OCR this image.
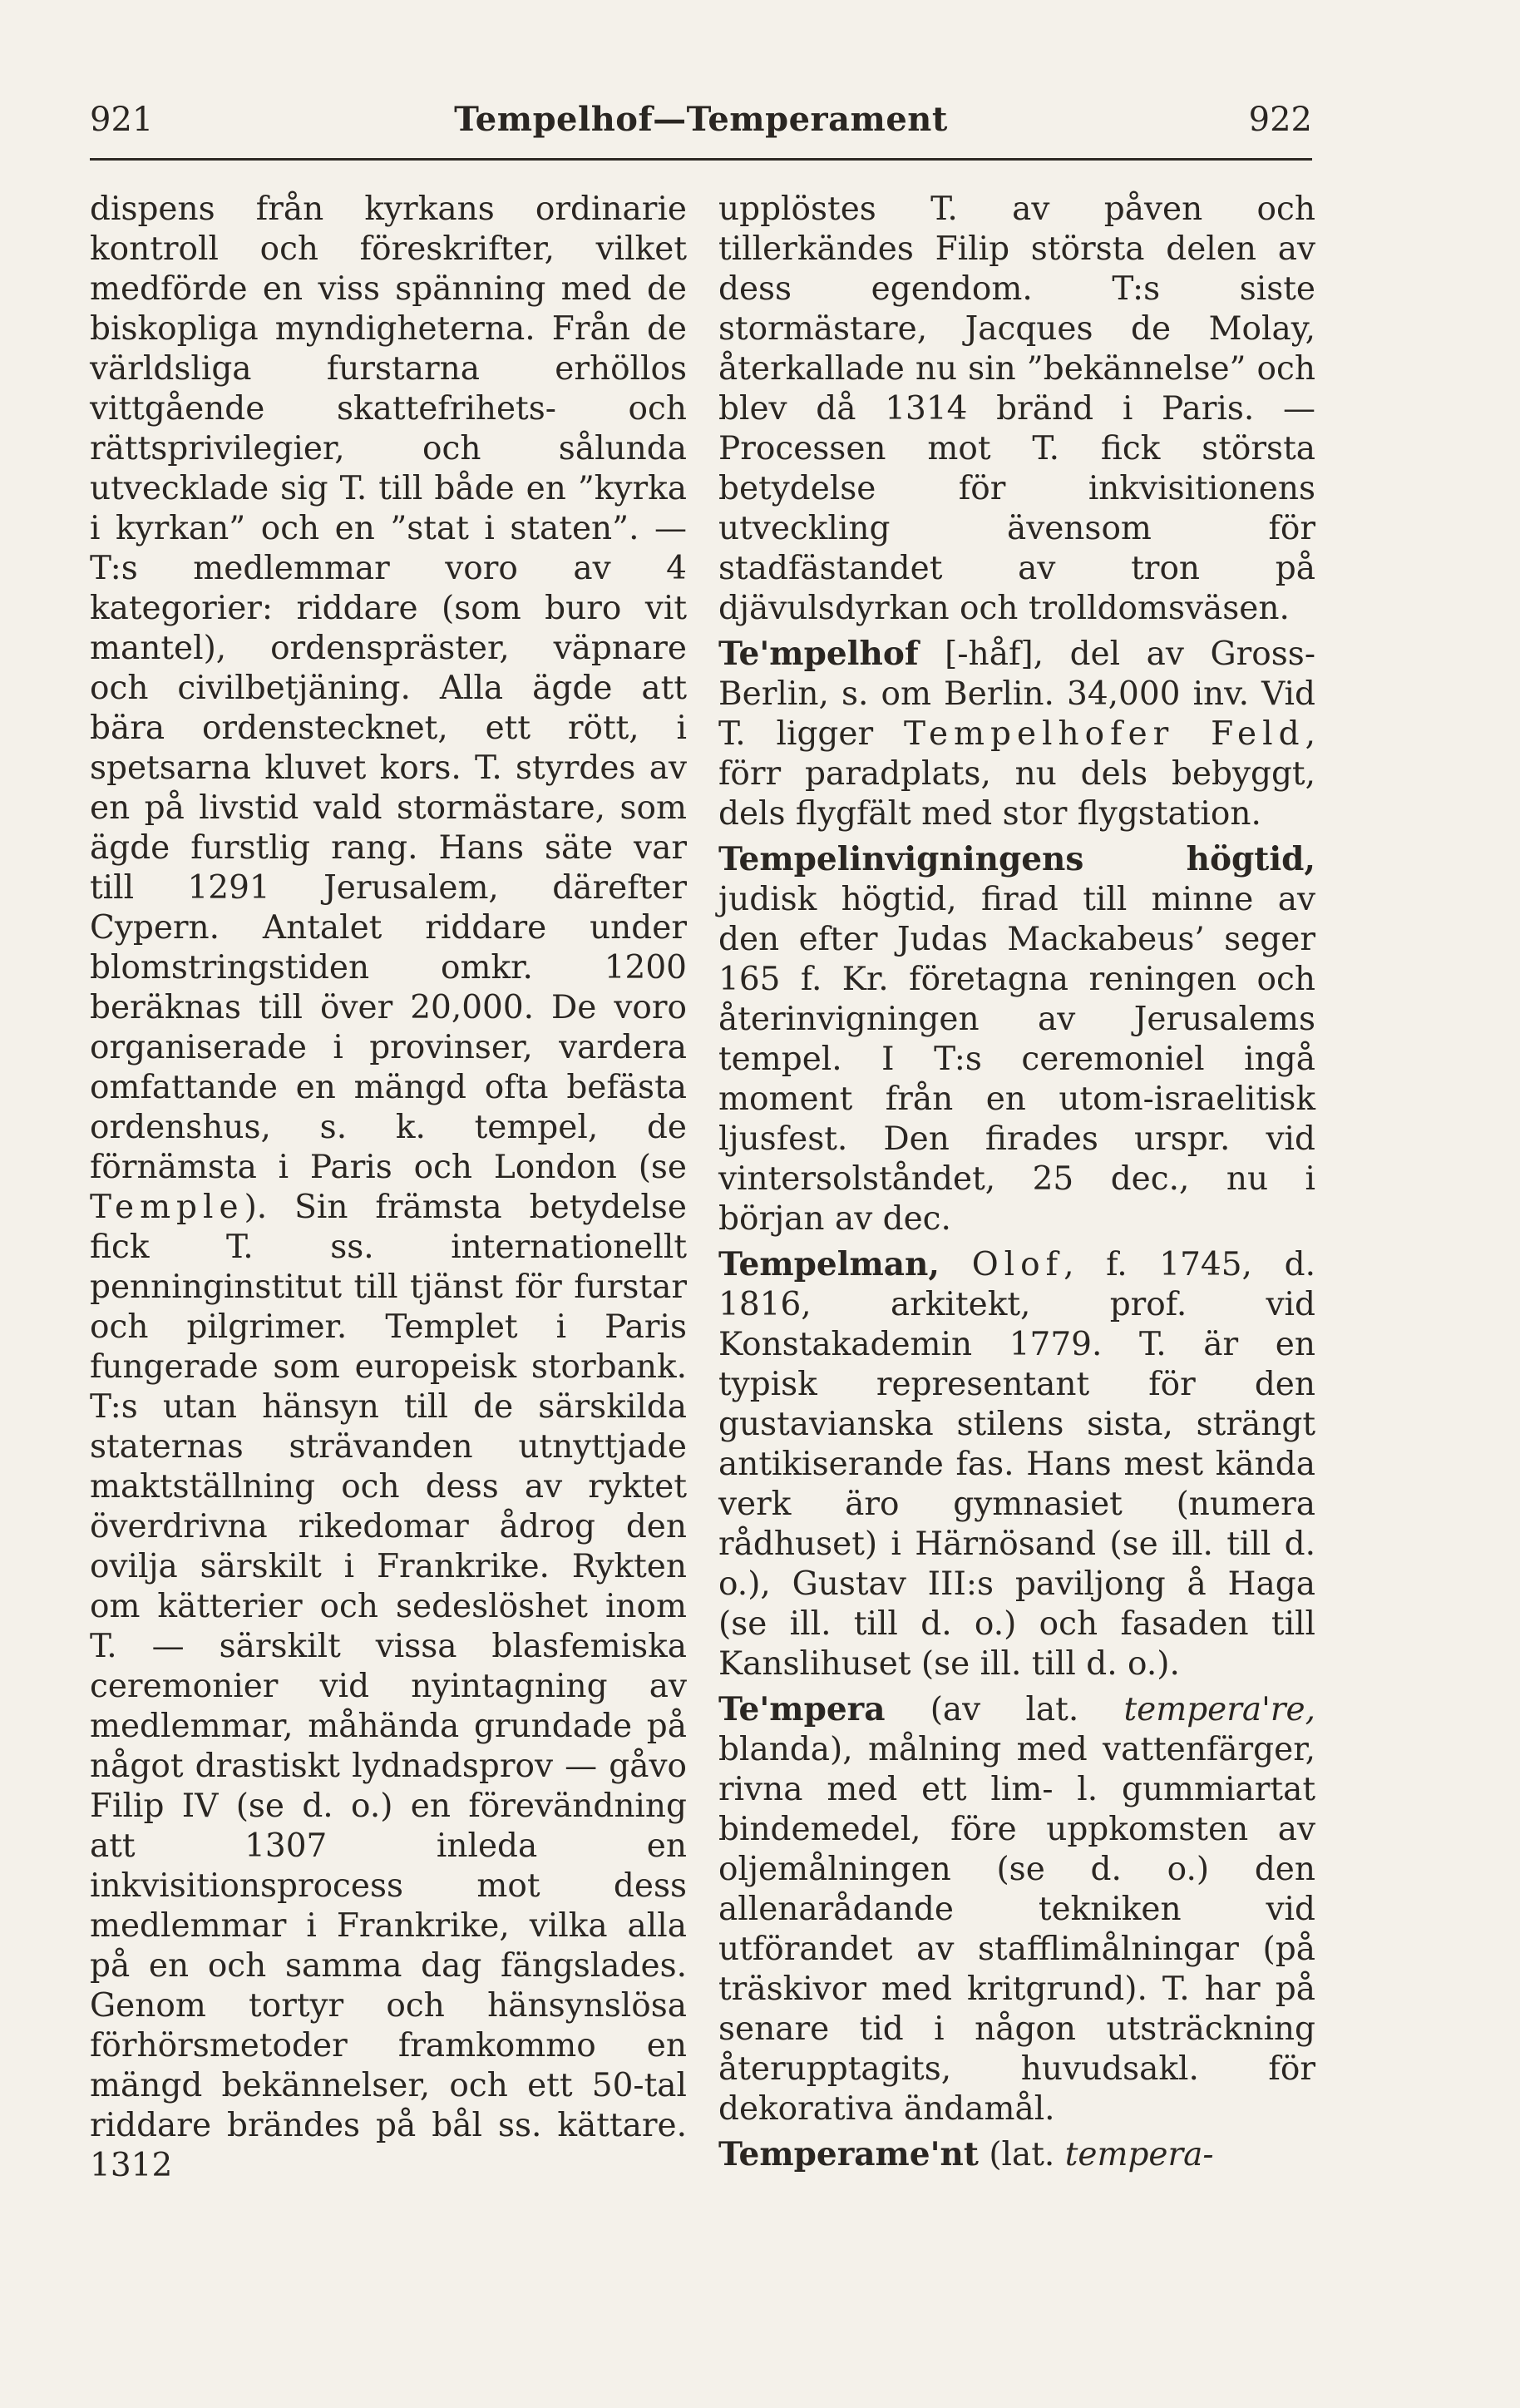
921	Tempelhof—Temperament	922

dispens från kyrkans ordinarie kontroll och föreskrifter, vilket medförde en viss spänning med de biskopliga myndigheterna. Från de världsliga furstarna erhöllos vittgående skattefrihets- och rättsprivilegier, och sålunda utvecklade sig T. till både en ”kyrka i kyrkan” och en ”stat i staten”. — T:s medlemmar voro av 4 kategorier: riddare (som buro vit mantel), ordenspräster, väpnare och civilbetjäning. Alla ägde att bära ordenstecknet, ett rött, i spetsarna kluvet kors. T. styrdes av en på livstid vald stormästare, som ägde furstlig rang. Hans säte var till 1291 Jerusalem, därefter Cypern. Antalet riddare under blomstringstiden omkr. 1200 beräknas till över 20,000. De voro organiserade i provinser, vardera omfattande en mängd ofta befästa ordenshus, s. k. tempel, de förnämsta i Paris och London (se Temple). Sin främsta betydelse fick T. ss. internationellt penninginstitut till tjänst för furstar och pilgrimer. Templet i Paris fungerade som europeisk storbank. T:s utan hänsyn till de särskilda staternas strävanden utnyttjade maktställning och dess av ryktet överdrivna rikedomar ådrog den ovilja särskilt i Frankrike. Rykten om kätterier och sedeslöshet inom T. — särskilt vissa blasfemiska ceremonier vid nyintagning av medlemmar, måhända grundade på något drastiskt lydnadsprov — gåvo Filip IV (se d. o.) en förevändning att 1307 inleda en inkvisitionsprocess mot dess medlemmar i Frankrike, vilka alla på en och samma dag fängslades. Genom tortyr och hänsynslösa förhörsmetoder framkommo en mängd bekännelser, och ett 50-tal riddare brändes på bål ss. kättare. 1312

upplöstes T. av påven och tillerkändes Filip största delen av dess egendom. T:s siste stormästare, Jacques de Molay, återkallade nu sin ”bekännelse” och blev då 1314 bränd i Paris. — Processen mot T. fick största betydelse för inkvisitionens utveckling ävensom för stadfästandet av tron på djävulsdyrkan och trolldomsväsen.

Te'mpelhof [-håf], del av Gross-Berlin, s. om Berlin. 34,000 inv. Vid T. ligger Tempelhofer Feld, förr paradplats, nu dels bebyggt, dels flygfält med stor flygstation.

Tempelinvigningens högtid, judisk högtid, firad till minne av den efter Judas Mackabeus’ seger 165 f. Kr. företagna reningen och återinvigningen av Jerusalems tempel. I T:s ceremoniel ingå moment från en utom-israelitisk ljusfest. Den firades urspr. vid vintersolståndet, 25 dec., nu i början av dec.

Tempelman, Olof, f. 1745, d. 1816, arkitekt, prof. vid Konstakademin 1779. T. är en typisk representant för den gustavianska stilens sista, strängt antikiserande fas. Hans mest kända verk äro gymnasiet (numera rådhuset) i Härnösand (se ill. till d. o.), Gustav III:s paviljong å Haga (se ill. till d. o.) och fasaden till Kanslihuset (se ill. till d. o.).

Te'mpera (av lat. tempera're, blanda), målning med vattenfärger, rivna med ett lim- l. gummiartat bindemedel, före uppkomsten av oljemålningen (se d. o.) den allenarådande tekniken vid utförandet av stafflimålningar (på träskivor med kritgrund). T. har på senare tid i någon utsträckning återupptagits, huvudsakl. för dekorativa ändamål.

Temperame'nt (lat. tempera-
